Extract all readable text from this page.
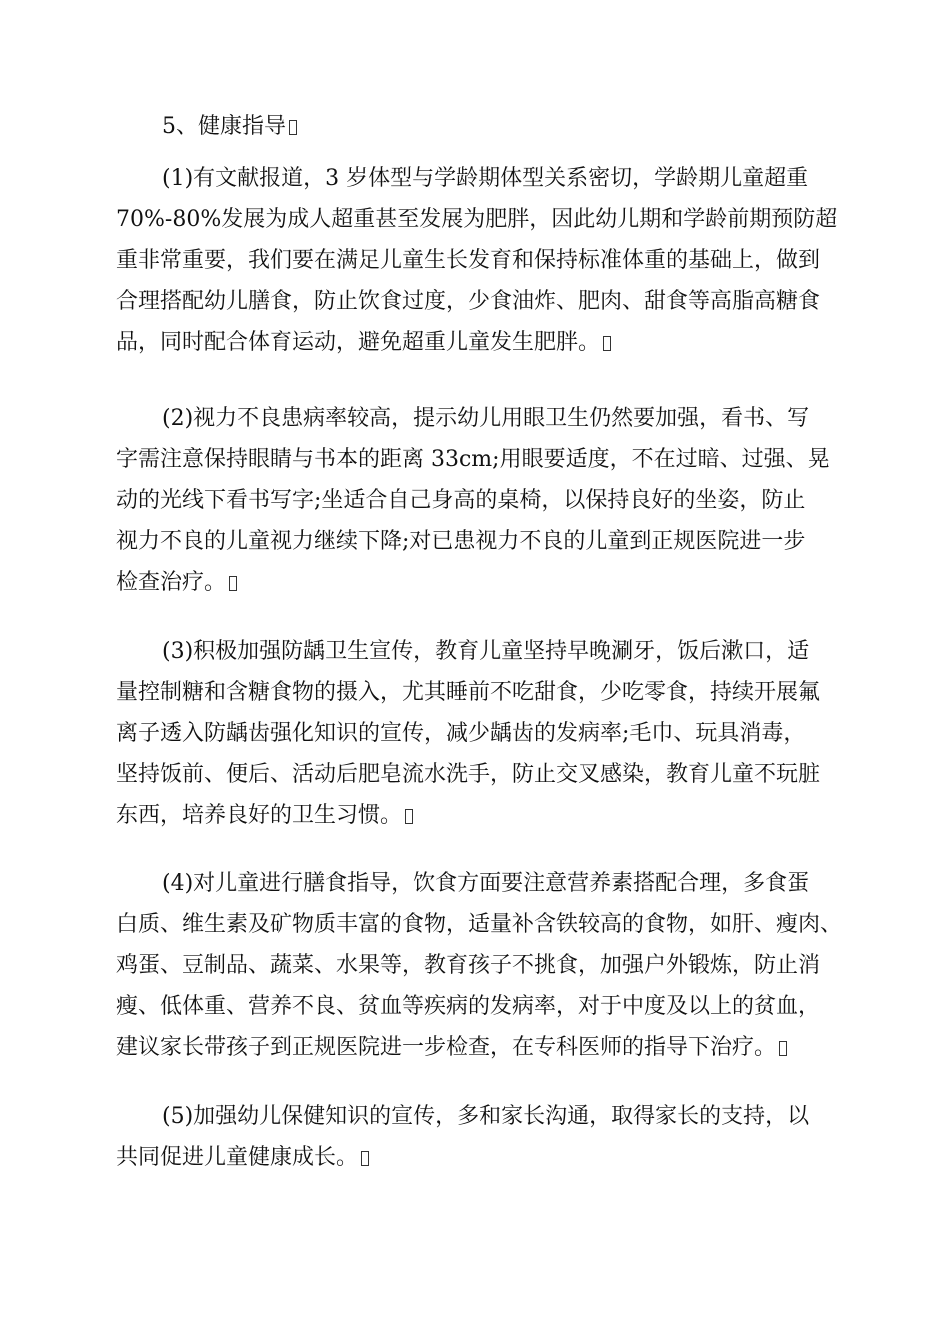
5、健康指导
(1)有文献报道，3 岁体型与学龄期体型关系密切，学龄期儿童超重
70%-80%发展为成人超重甚至发展为肥胖，因此幼儿期和学龄前期预防超
重非常重要，我们要在满足儿童生长发育和保持标准体重的基础上，做到
合理搭配幼儿膳食，防止饮食过度，少食油炸、肥肉、甜食等高脂高糖食
品，同时配合体育运动，避免超重儿童发生肥胖。
(2)视力不良患病率较高，提示幼儿用眼卫生仍然要加强，看书、写
字需注意保持眼睛与书本的距离 33cm;用眼要适度，不在过暗、过强、晃
动的光线下看书写字;坐适合自己身高的桌椅，以保持良好的坐姿，防止
视力不良的儿童视力继续下降;对已患视力不良的儿童到正规医院进一步
检查治疗。
(3)积极加强防龋卫生宣传，教育儿童坚持早晚涮牙，饭后漱口，适
量控制糖和含糖食物的摄入，尤其睡前不吃甜食，少吃零食，持续开展氟
离子透入防龋齿强化知识的宣传，减少龋齿的发病率;毛巾、玩具消毒，
坚持饭前、便后、活动后肥皂流水洗手，防止交叉感染，教育儿童不玩脏
东西，培养良好的卫生习惯。
(4)对儿童进行膳食指导，饮食方面要注意营养素搭配合理，多食蛋
白质、维生素及矿物质丰富的食物，适量补含铁较高的食物，如肝、瘦肉、
鸡蛋、豆制品、蔬菜、水果等，教育孩子不挑食，加强户外锻炼，防止消
瘦、低体重、营养不良、贫血等疾病的发病率，对于中度及以上的贫血，
建议家长带孩子到正规医院进一步检查，在专科医师的指导下治疗。
(5)加强幼儿保健知识的宣传，多和家长沟通，取得家长的支持，以
共同促进儿童健康成长。
